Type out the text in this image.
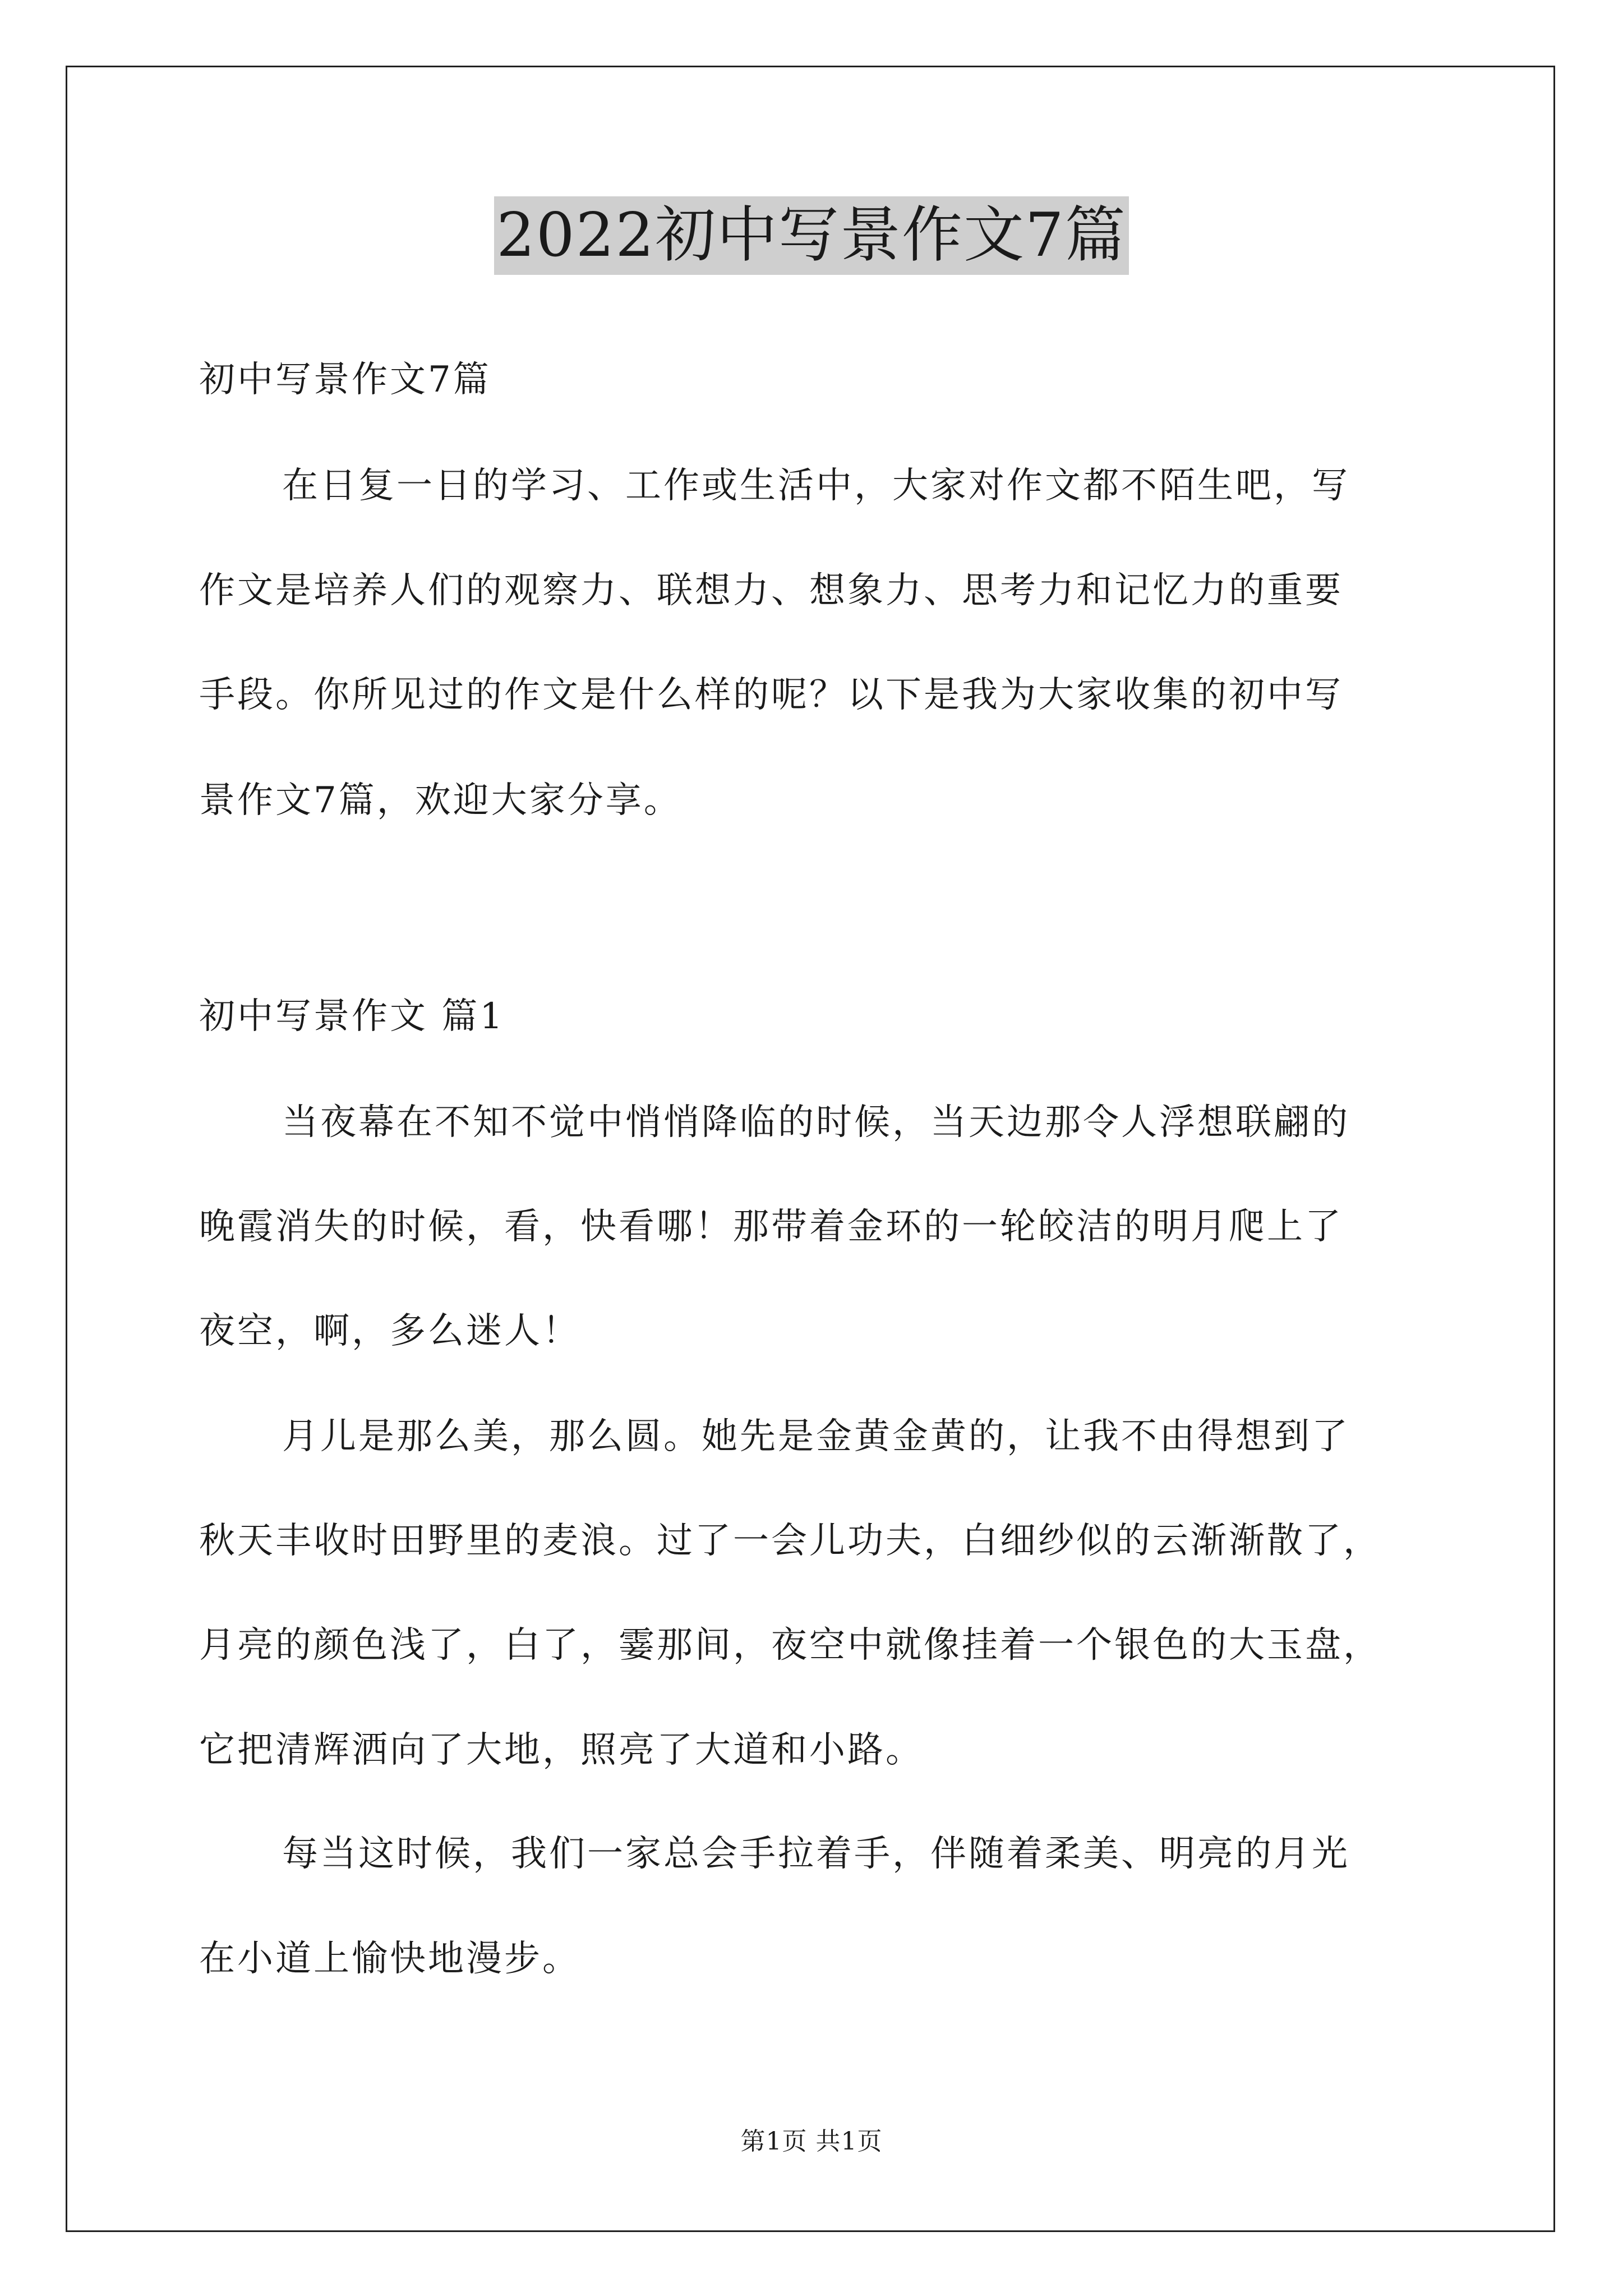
2022初中写景作文7篇
初中写景作文7篇
在日复一日的学习、工作或生活中，大家对作文都不陌生吧，写
作文是培养人们的观察力、联想力、想象力、思考力和记忆力的重要
手段。你所见过的作文是什么样的呢？以下是我为大家收集的初中写
景作文7篇，欢迎大家分享。
初中写景作文 篇1
当夜幕在不知不觉中悄悄降临的时候，当天边那令人浮想联翩的
晚霞消失的时候，看，快看哪！那带着金环的一轮皎洁的明月爬上了
夜空，啊，多么迷人！
月儿是那么美，那么圆。她先是金黄金黄的，让我不由得想到了
秋天丰收时田野里的麦浪。过了一会儿功夫，白细纱似的云渐渐散了，
月亮的颜色浅了，白了，霎那间，夜空中就像挂着一个银色的大玉盘，
它把清辉洒向了大地，照亮了大道和小路。
每当这时候，我们一家总会手拉着手，伴随着柔美、明亮的月光
在小道上愉快地漫步。
第1页 共1页
